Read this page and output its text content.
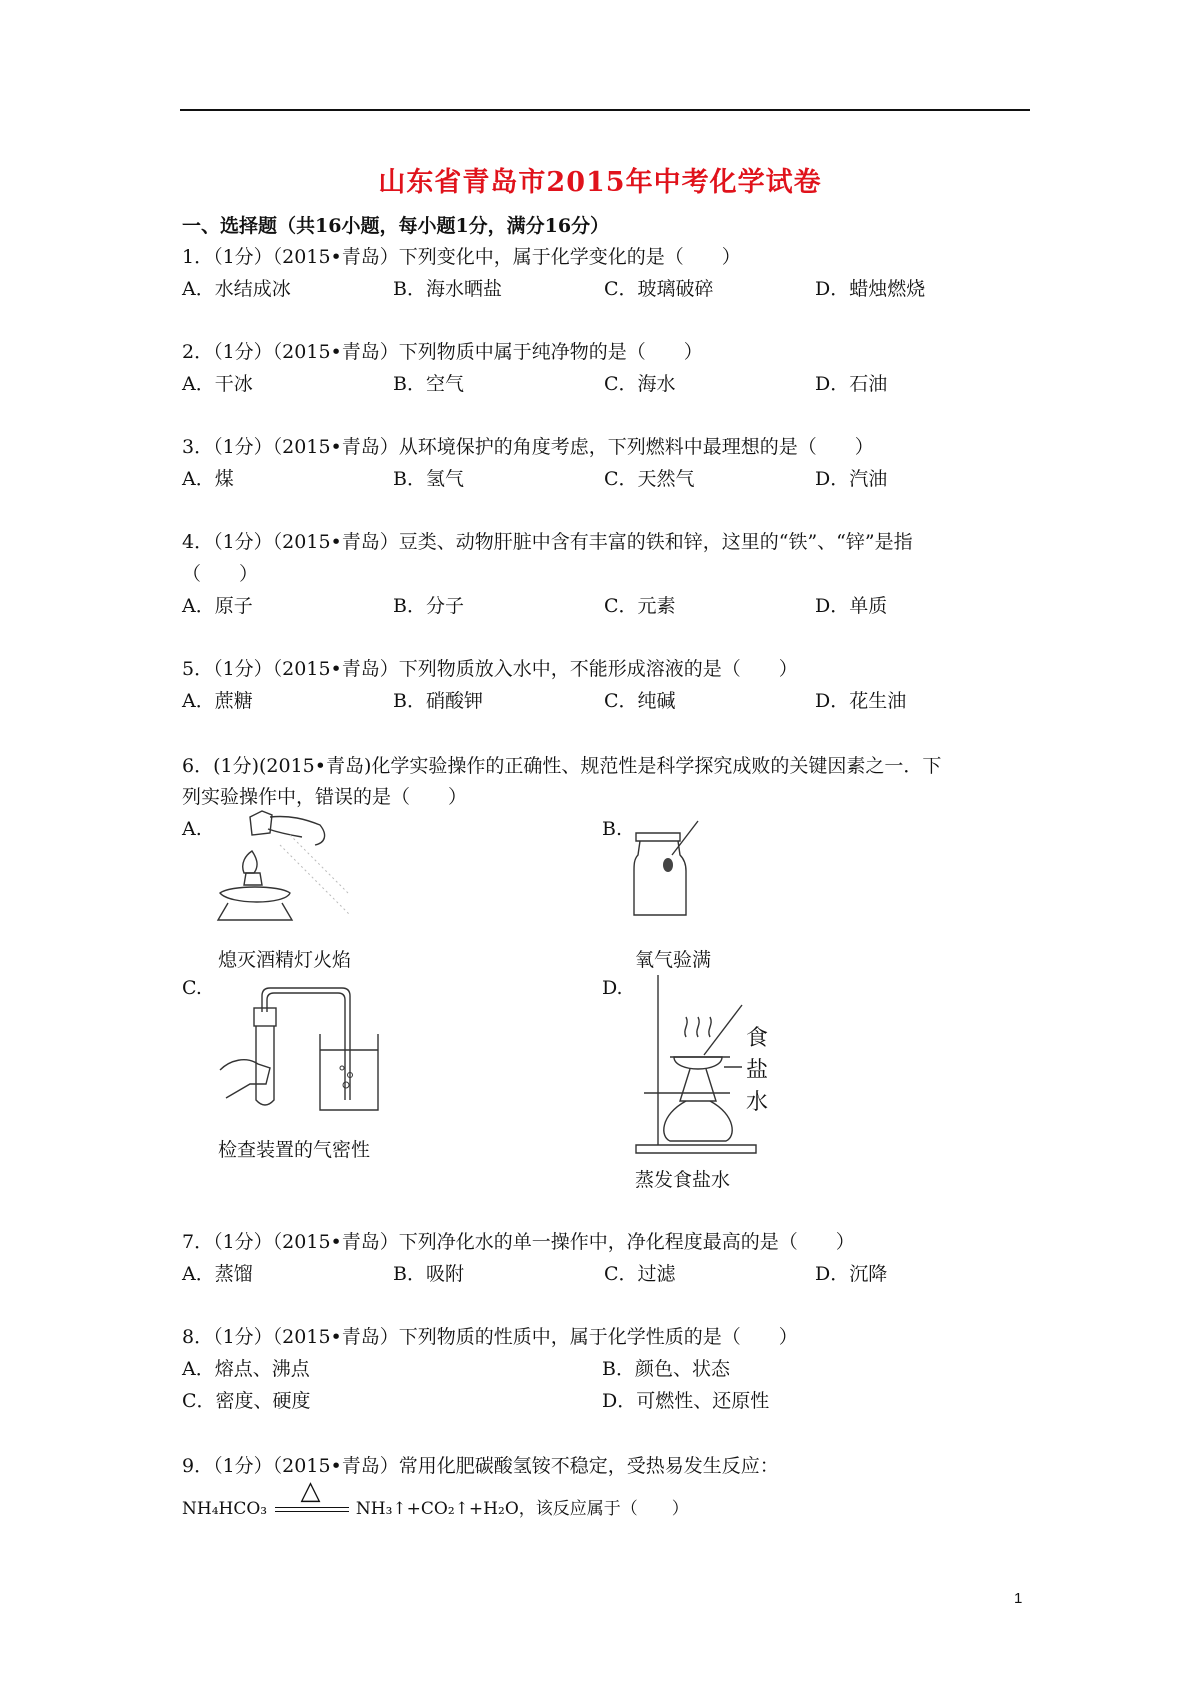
山东省青岛市2015年中考化学试卷
一、选择题（共16小题，每小题1分，满分16分）
1．（1分）（2015•青岛）下列变化中，属于化学变化的是（　　）
A．水结成冰	B．海水晒盐	C．玻璃破碎	D．蜡烛燃烧
2．（1分）（2015•青岛）下列物质中属于纯净物的是（　　）
A．干冰	B．空气	C．海水	D．石油
3．（1分）（2015•青岛）从环境保护的角度考虑，下列燃料中最理想的是（　　）
A．煤	B．氢气	C．天然气	D．汽油
4．（1分）（2015•青岛）豆类、动物肝脏中含有丰富的铁和锌，这里的“铁”、“锌”是指
（　　）
A．原子	B．分子	C．元素	D．单质
5．（1分）（2015•青岛）下列物质放入水中，不能形成溶液的是（　　）
A．蔗糖	B．硝酸钾	C．纯碱	D．花生油
6．(1分)(2015•青岛)化学实验操作的正确性、规范性是科学探究成败的关键因素之一．下
列实验操作中，错误的是（　　）
A.	B.
C.	D.
熄灭酒精灯火焰	氧气验满
检查装置的气密性
食
盐
水
蒸发食盐水
7．（1分）（2015•青岛）下列净化水的单一操作中，净化程度最高的是（　　）
A．蒸馏	B．吸附	C．过滤	D．沉降
8．（1分）（2015•青岛）下列物质的性质中，属于化学性质的是（　　）
A．熔点、沸点	B．颜色、状态
C．密度、硬度	D．可燃性、还原性
9．（1分）（2015•青岛）常用化肥碳酸氢铵不稳定，受热易发生反应：
NH₄HCO₃
△
NH₃↑+CO₂↑+H₂O，该反应属于（　　）
1
